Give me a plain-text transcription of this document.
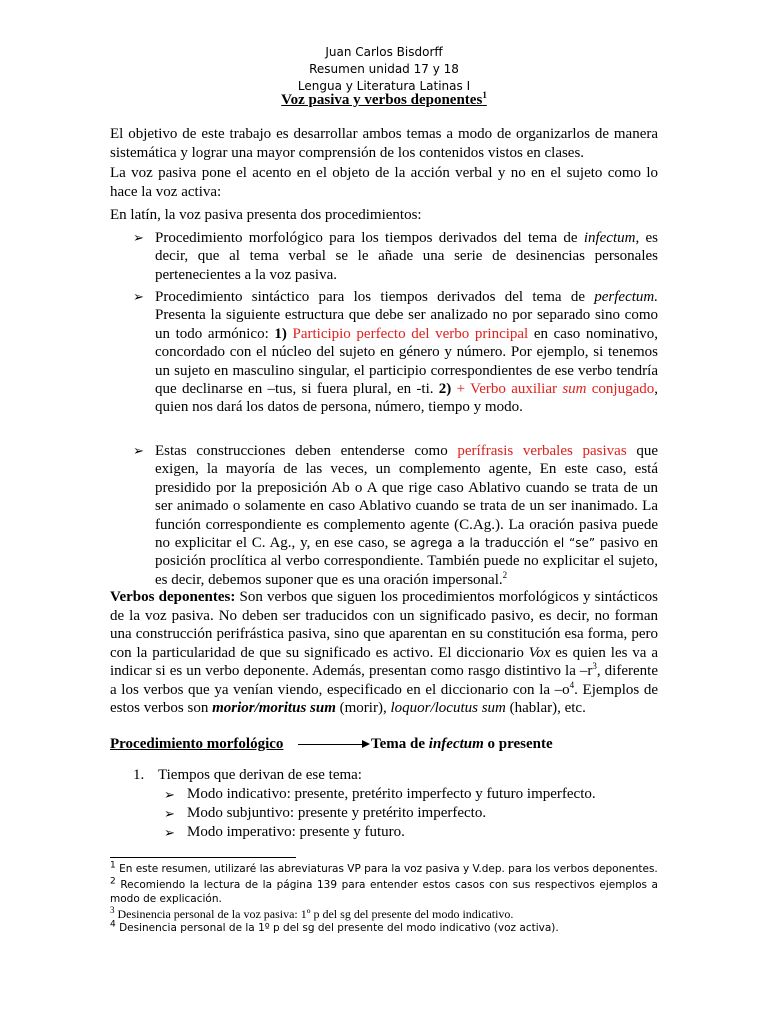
Juan Carlos Bisdorff
Resumen unidad 17 y 18
Lengua y Literatura Latinas I
Voz pasiva y verbos deponentes$^1$
El objetivo de este trabajo es desarrollar ambos temas a modo de organizarlos de manera sistemática y lograr una mayor comprensión de los contenidos vistos en clases.
La voz pasiva pone el acento en el objeto de la acción verbal y no en el sujeto como lo hace la voz activa:
En latín, la voz pasiva presenta dos procedimientos:
➢ Procedimiento morfológico para los tiempos derivados del tema de infectum, es decir, que al tema verbal se le añade una serie de desinencias personales pertenecientes a la voz pasiva.
➢ Procedimiento sintáctico para los tiempos derivados del tema de perfectum. Presenta la siguiente estructura que debe ser analizado no por separado sino como un todo armónico: 1) Participio perfecto del verbo principal en caso nominativo, concordado con el núcleo del sujeto en género y número. Por ejemplo, si tenemos un sujeto en masculino singular, el participio correspondientes de ese verbo tendría que declinarse en –tus, si fuera plural, en -ti. 2) + Verbo auxiliar sum conjugado, quien nos dará los datos de persona, número, tiempo y modo.
➢ Estas construcciones deben entenderse como perífrasis verbales pasivas que exigen, la mayoría de las veces, un complemento agente, En este caso, está presidido por la preposición Ab o A que rige caso Ablativo cuando se trata de un ser animado o solamente en caso Ablativo cuando se trata de un ser inanimado. La función correspondiente es complemento agente (C.Ag.). La oración pasiva puede no explicitar el C. Ag., y, en ese caso, se agrega a la traducción el “se” pasivo en posición proclítica al verbo correspondiente. También puede no explicitar el sujeto, es decir, debemos suponer que es una oración impersonal.$^2$
Verbos deponentes: Son verbos que siguen los procedimientos morfológicos y sintácticos de la voz pasiva. No deben ser traducidos con un significado pasivo, es decir, no forman una construcción perifrástica pasiva, sino que aparentan en su constitución esa forma, pero con la particularidad de que su significado es activo. El diccionario Vox es quien les va a indicar si es un verbo deponente. Además, presentan como rasgo distintivo la $-r^3$, diferente a los verbos que ya venían viendo, especificado en el diccionario con la $-o^4$. Ejemplos de estos verbos son morior/moritus sum (morir), loquor/locutus sum (hablar), etc.
Procedimiento morfológico	Tema de infectum o presente
1. Tiempos que derivan de ese tema:
➢ Modo indicativo: presente, pretérito imperfecto y futuro imperfecto.
➢ Modo subjuntivo: presente y pretérito imperfecto.
➢ Modo imperativo: presente y futuro.
$^1$ En este resumen, utilizaré las abreviaturas VP para la voz pasiva y V.dep. para los verbos deponentes.
$^2$ Recomiendo la lectura de la página 139 para entender estos casos con sus respectivos ejemplos a modo de explicación.
$^3$ Desinencia personal de la voz pasiva: 1º p del sg del presente del modo indicativo.
$^4$ Desinencia personal de la 1º p del sg del presente del modo indicativo (voz activa).
